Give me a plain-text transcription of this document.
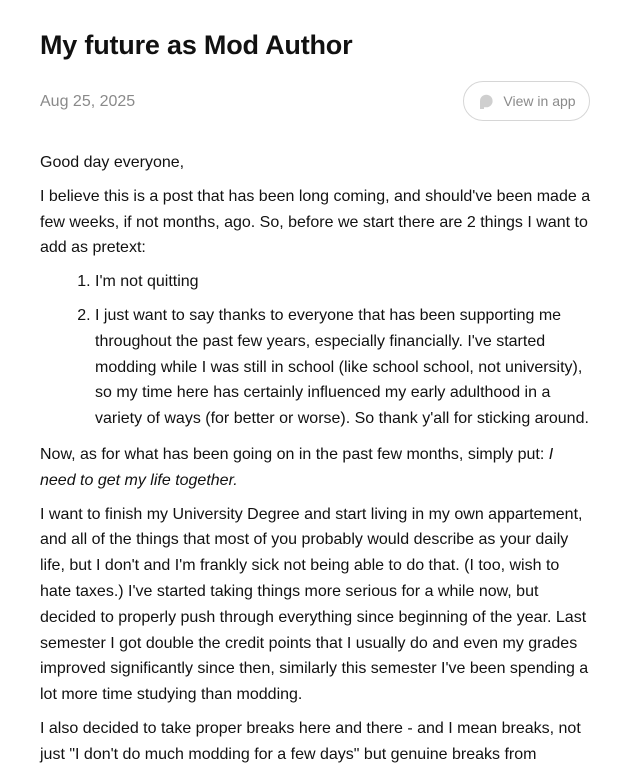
My future as Mod Author
Aug 25, 2025	View in app

Good day everyone,

I believe this is a post that has been long coming, and should've been made a few weeks, if not months, ago. So, before we start there are 2 things I want to add as pretext:

1. I'm not quitting
2. I just want to say thanks to everyone that has been supporting me throughout the past few years, especially financially. I've started modding while I was still in school (like school school, not university), so my time here has certainly influenced my early adulthood in a variety of ways (for better or worse). So thank y'all for sticking around.

Now, as for what has been going on in the past few months, simply put: I need to get my life together.

I want to finish my University Degree and start living in my own appartement, and all of the things that most of you probably would describe as your daily life, but I don't and I'm frankly sick not being able to do that. (I too, wish to hate taxes.) I've started taking things more serious for a while now, but decided to properly push through everything since beginning of the year. Last semester I got double the credit points that I usually do and even my grades improved significantly since then, similarly this semester I've been spending a lot more time studying than modding.

I also decided to take proper breaks here and there - and I mean breaks, not just "I don't do much modding for a few days" but genuine breaks from
